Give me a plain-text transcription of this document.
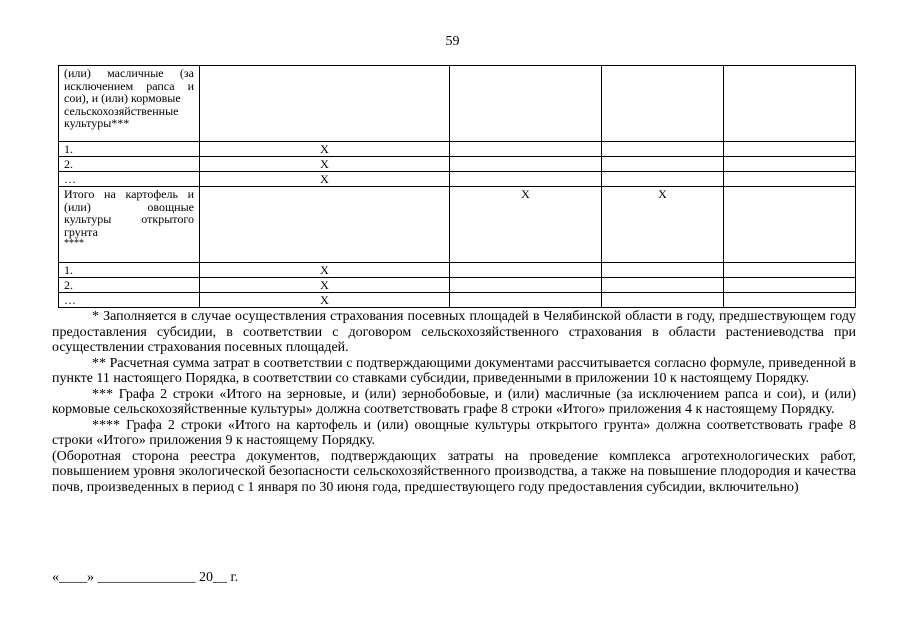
59
(или) масличные (за
исключением рапса и
сои), и (или) кормовые
сельскохозяйственные
культуры***				

1.	Х			
2.	Х			
…	Х			

Итого на картофель и
(или) овощные
культуры открытого
грунта
****		Х	Х	
1.	Х			
2.	Х			
…	Х			

* Заполняется в случае осуществления страхования посевных площадей в Челябинской области в году, предшествующем году предоставления субсидии, в соответствии с договором сельскохозяйственного страхования в области растениеводства при осуществлении страхования посевных площадей.

** Расчетная сумма затрат в соответствии с подтверждающими документами рассчитывается согласно формуле, приведенной в пункте 11 настоящего Порядка, в соответствии со ставками субсидии, приведенными в приложении 10 к настоящему Порядку.

*** Графа 2 строки «Итого на зерновые, и (или) зернобобовые, и (или) масличные (за исключением рапса и сои), и (или) кормовые сельскохозяйственные культуры» должна соответствовать графе 8 строки «Итого» приложения 4 к настоящему Порядку.

**** Графа 2 строки «Итого на картофель и (или) овощные культуры открытого грунта» должна соответствовать графе 8 строки «Итого» приложения 9 к настоящему Порядку.

(Оборотная сторона реестра документов, подтверждающих затраты на проведение комплекса агротехнологических работ, повышением уровня экологической безопасности сельскохозяйственного производства, а также на повышение плодородия и качества почв, произведенных в период с 1 января по 30 июня года, предшествующего году предоставления субсидии, включительно)

«____» ______________ 20__ г.
